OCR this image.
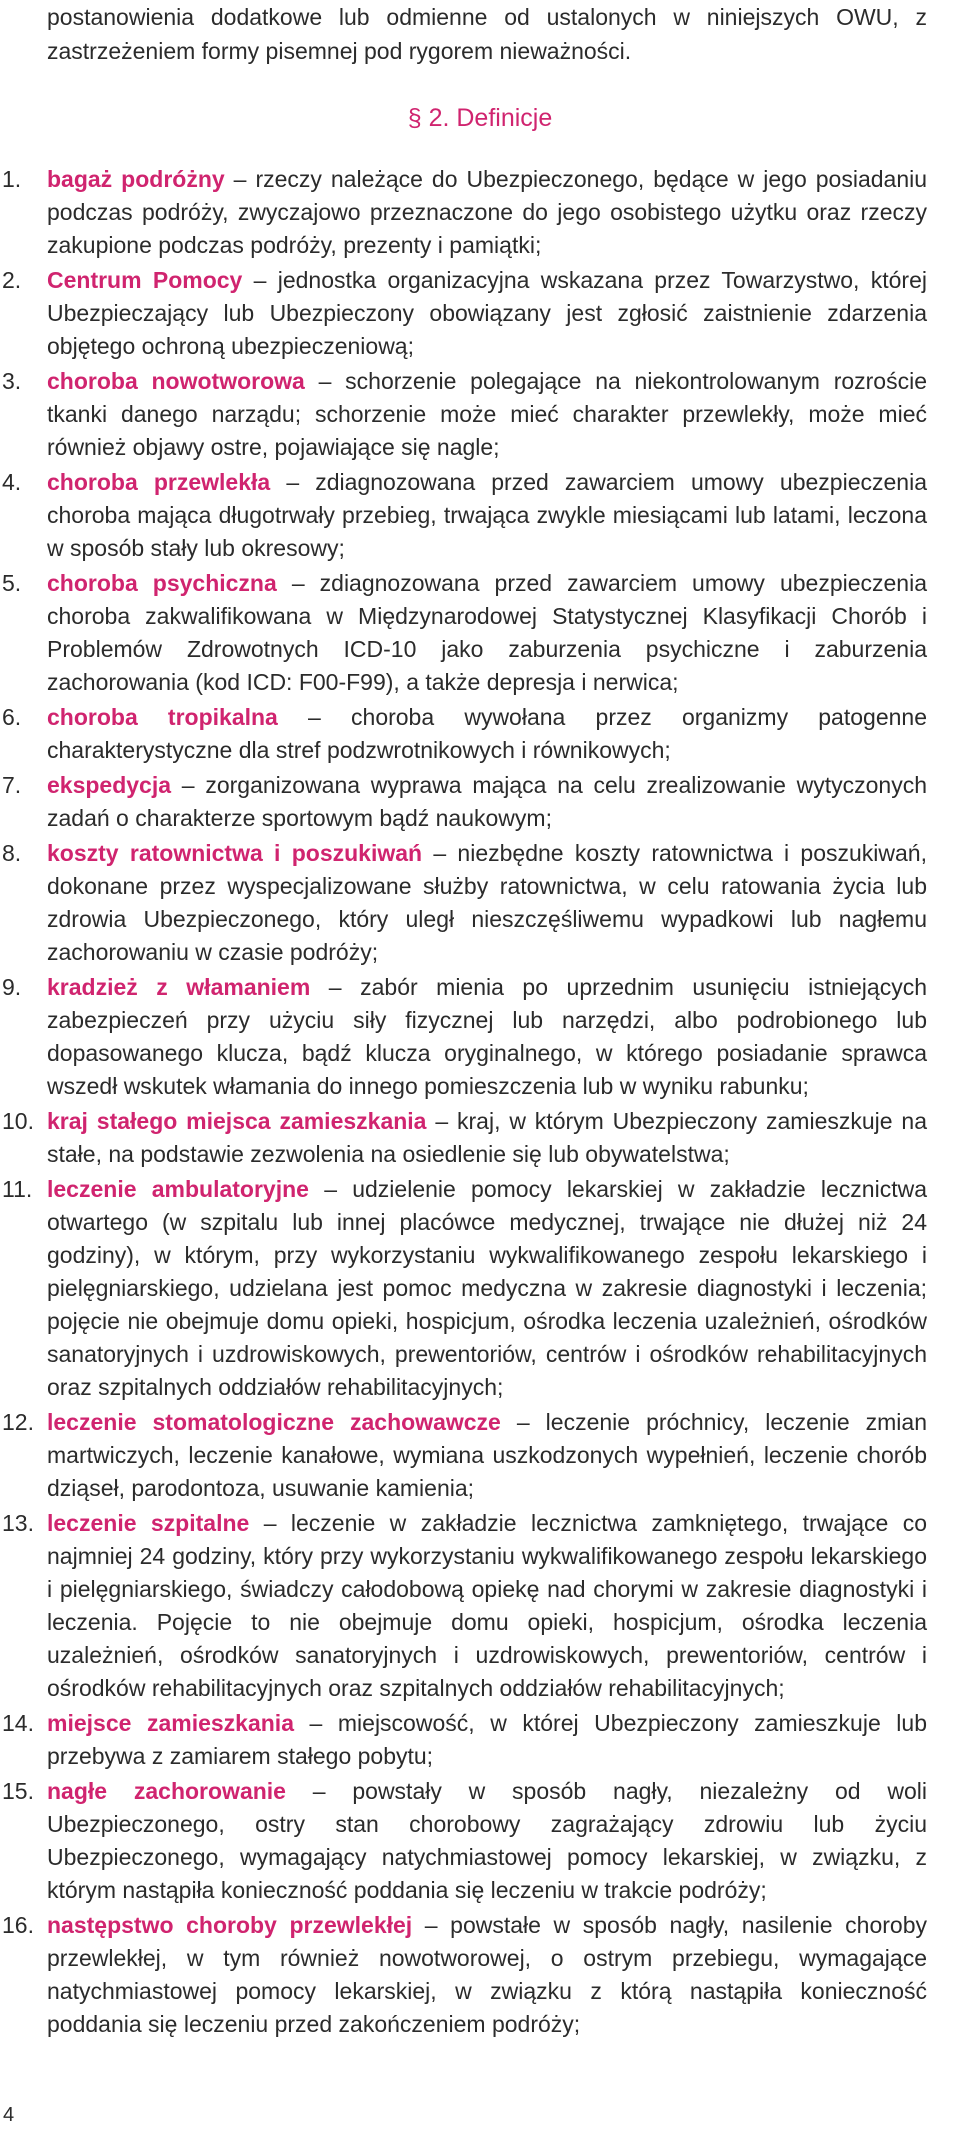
postanowienia dodatkowe lub odmienne od ustalonych w niniejszych OWU, z zastrzeżeniem formy pisemnej pod rygorem nieważności.

§ 2. Definicje
1. bagaż podróżny – rzeczy należące do Ubezpieczonego, będące w jego posiadaniu podczas podróży, zwyczajowo przeznaczone do jego osobistego użytku oraz rzeczy zakupione podczas podróży, prezenty i pamiątki;
2. Centrum Pomocy – jednostka organizacyjna wskazana przez Towarzystwo, której Ubezpieczający lub Ubezpieczony obowiązany jest zgłosić zaistnienie zdarzenia objętego ochroną ubezpieczeniową;
3. choroba nowotworowa – schorzenie polegające na niekontrolowanym rozroście tkanki danego narządu; schorzenie może mieć charakter przewlekły, może mieć również objawy ostre, pojawiające się nagle;
4. choroba przewlekła – zdiagnozowana przed zawarciem umowy ubezpieczenia choroba mająca długotrwały przebieg, trwająca zwykle miesiącami lub latami, leczona w sposób stały lub okresowy;
5. choroba psychiczna – zdiagnozowana przed zawarciem umowy ubezpieczenia choroba zakwalifikowana w Międzynarodowej Statystycznej Klasyfikacji Chorób i Problemów Zdrowotnych ICD-10 jako zaburzenia psychiczne i zaburzenia zachorowania (kod ICD: F00-F99), a także depresja i nerwica;
6. choroba tropikalna – choroba wywołana przez organizmy patogenne charakterystyczne dla stref podzwrotnikowych i równikowych;
7. ekspedycja – zorganizowana wyprawa mająca na celu zrealizowanie wytyczonych zadań o charakterze sportowym bądź naukowym;
8. koszty ratownictwa i poszukiwań – niezbędne koszty ratownictwa i poszukiwań, dokonane przez wyspecjalizowane służby ratownictwa, w celu ratowania życia lub zdrowia Ubezpieczonego, który uległ nieszczęśliwemu wypadkowi lub nagłemu zachorowaniu w czasie podróży;
9. kradzież z włamaniem – zabór mienia po uprzednim usunięciu istniejących zabezpieczeń przy użyciu siły fizycznej lub narzędzi, albo podrobionego lub dopasowanego klucza, bądź klucza oryginalnego, w którego posiadanie sprawca wszedł wskutek włamania do innego pomieszczenia lub w wyniku rabunku;
10. kraj stałego miejsca zamieszkania – kraj, w którym Ubezpieczony zamieszkuje na stałe, na podstawie zezwolenia na osiedlenie się lub obywatelstwa;
11. leczenie ambulatoryjne – udzielenie pomocy lekarskiej w zakładzie lecznictwa otwartego (w szpitalu lub innej placówce medycznej, trwające nie dłużej niż 24 godziny), w którym, przy wykorzystaniu wykwalifikowanego zespołu lekarskiego i pielęgniarskiego, udzielana jest pomoc medyczna w zakresie diagnostyki i leczenia; pojęcie nie obejmuje domu opieki, hospicjum, ośrodka leczenia uzależnień, ośrodków sanatoryjnych i uzdrowiskowych, prewentoriów, centrów i ośrodków rehabilitacyjnych oraz szpitalnych oddziałów rehabilitacyjnych;
12. leczenie stomatologiczne zachowawcze – leczenie próchnicy, leczenie zmian martwiczych, leczenie kanałowe, wymiana uszkodzonych wypełnień, leczenie chorób dziąseł, parodontoza, usuwanie kamienia;
13. leczenie szpitalne – leczenie w zakładzie lecznictwa zamkniętego, trwające co najmniej 24 godziny, który przy wykorzystaniu wykwalifikowanego zespołu lekarskiego i pielęgniarskiego, świadczy całodobową opiekę nad chorymi w zakresie diagnostyki i leczenia. Pojęcie to nie obejmuje domu opieki, hospicjum, ośrodka leczenia uzależnień, ośrodków sanatoryjnych i uzdrowiskowych, prewentoriów, centrów i ośrodków rehabilitacyjnych oraz szpitalnych oddziałów rehabilitacyjnych;
14. miejsce zamieszkania – miejscowość, w której Ubezpieczony zamieszkuje lub przebywa z zamiarem stałego pobytu;
15. nagłe zachorowanie – powstały w sposób nagły, niezależny od woli Ubezpieczonego, ostry stan chorobowy zagrażający zdrowiu lub życiu Ubezpieczonego, wymagający natychmiastowej pomocy lekarskiej, w związku, z którym nastąpiła konieczność poddania się leczeniu w trakcie podróży;
16. następstwo choroby przewlekłej – powstałe w sposób nagły, nasilenie choroby przewlekłej, w tym również nowotworowej, o ostrym przebiegu, wymagające natychmiastowej pomocy lekarskiej, w związku z którą nastąpiła konieczność poddania się leczeniu przed zakończeniem podróży;
4
